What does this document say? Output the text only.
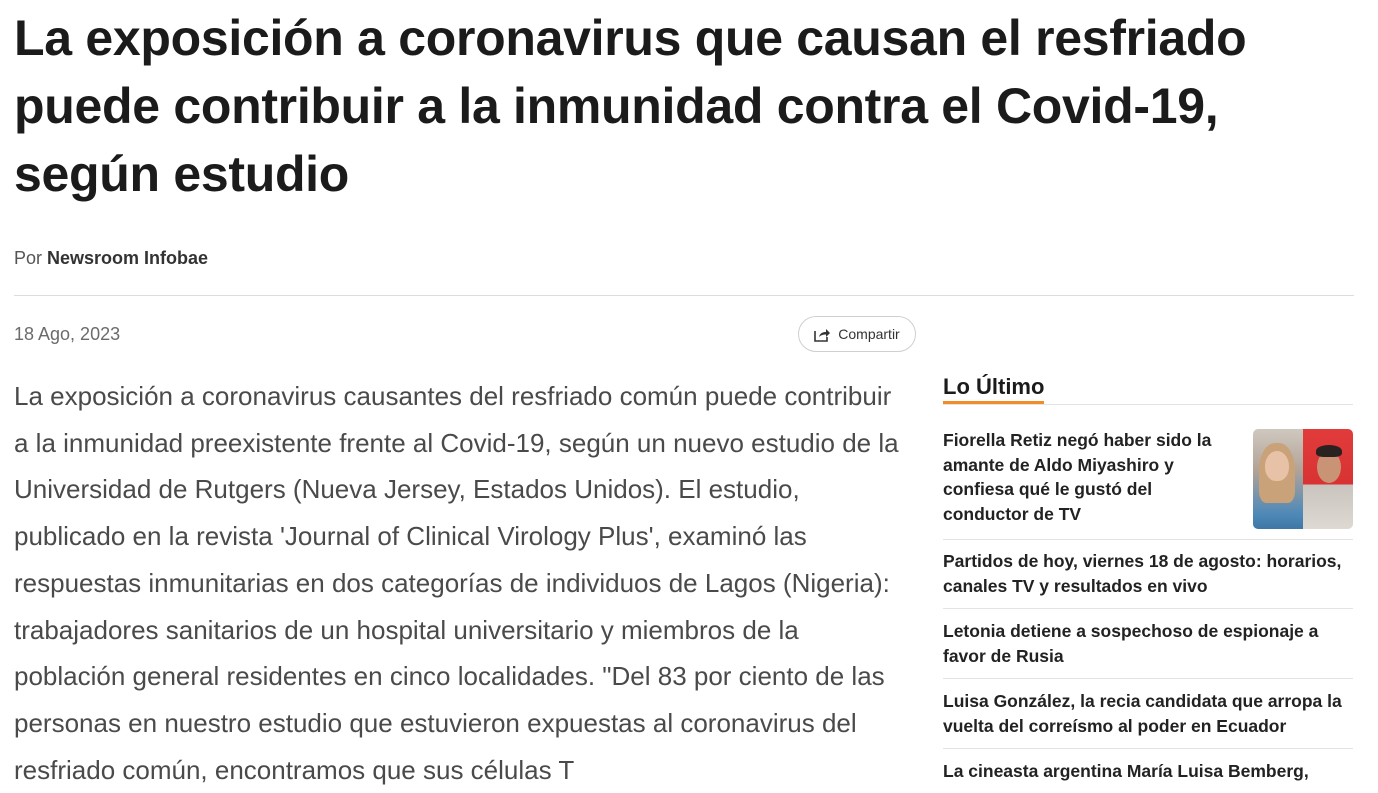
La exposición a coronavirus que causan el resfriado puede contribuir a la inmunidad contra el Covid-19, según estudio
Por Newsroom Infobae
18 Ago, 2023	Compartir

La exposición a coronavirus causantes del resfriado común puede contribuir a la inmunidad preexistente frente al Covid-19, según un nuevo estudio de la Universidad de Rutgers (Nueva Jersey, Estados Unidos). El estudio, publicado en la revista 'Journal of Clinical Virology Plus', examinó las respuestas inmunitarias en dos categorías de individuos de Lagos (Nigeria): trabajadores sanitarios de un hospital universitario y miembros de la población general residentes en cinco localidades. "Del 83 por ciento de las personas en nuestro estudio que estuvieron expuestas al coronavirus del resfriado común, encontramos que sus células T

Lo Último
Fiorella Retiz negó haber sido la amante de Aldo Miyashiro y confiesa qué le gustó del conductor de TV
Partidos de hoy, viernes 18 de agosto: horarios, canales TV y resultados en vivo
Letonia detiene a sospechoso de espionaje a favor de Rusia
Luisa González, la recia candidata que arropa la vuelta del correísmo al poder en Ecuador
La cineasta argentina María Luisa Bemberg,
